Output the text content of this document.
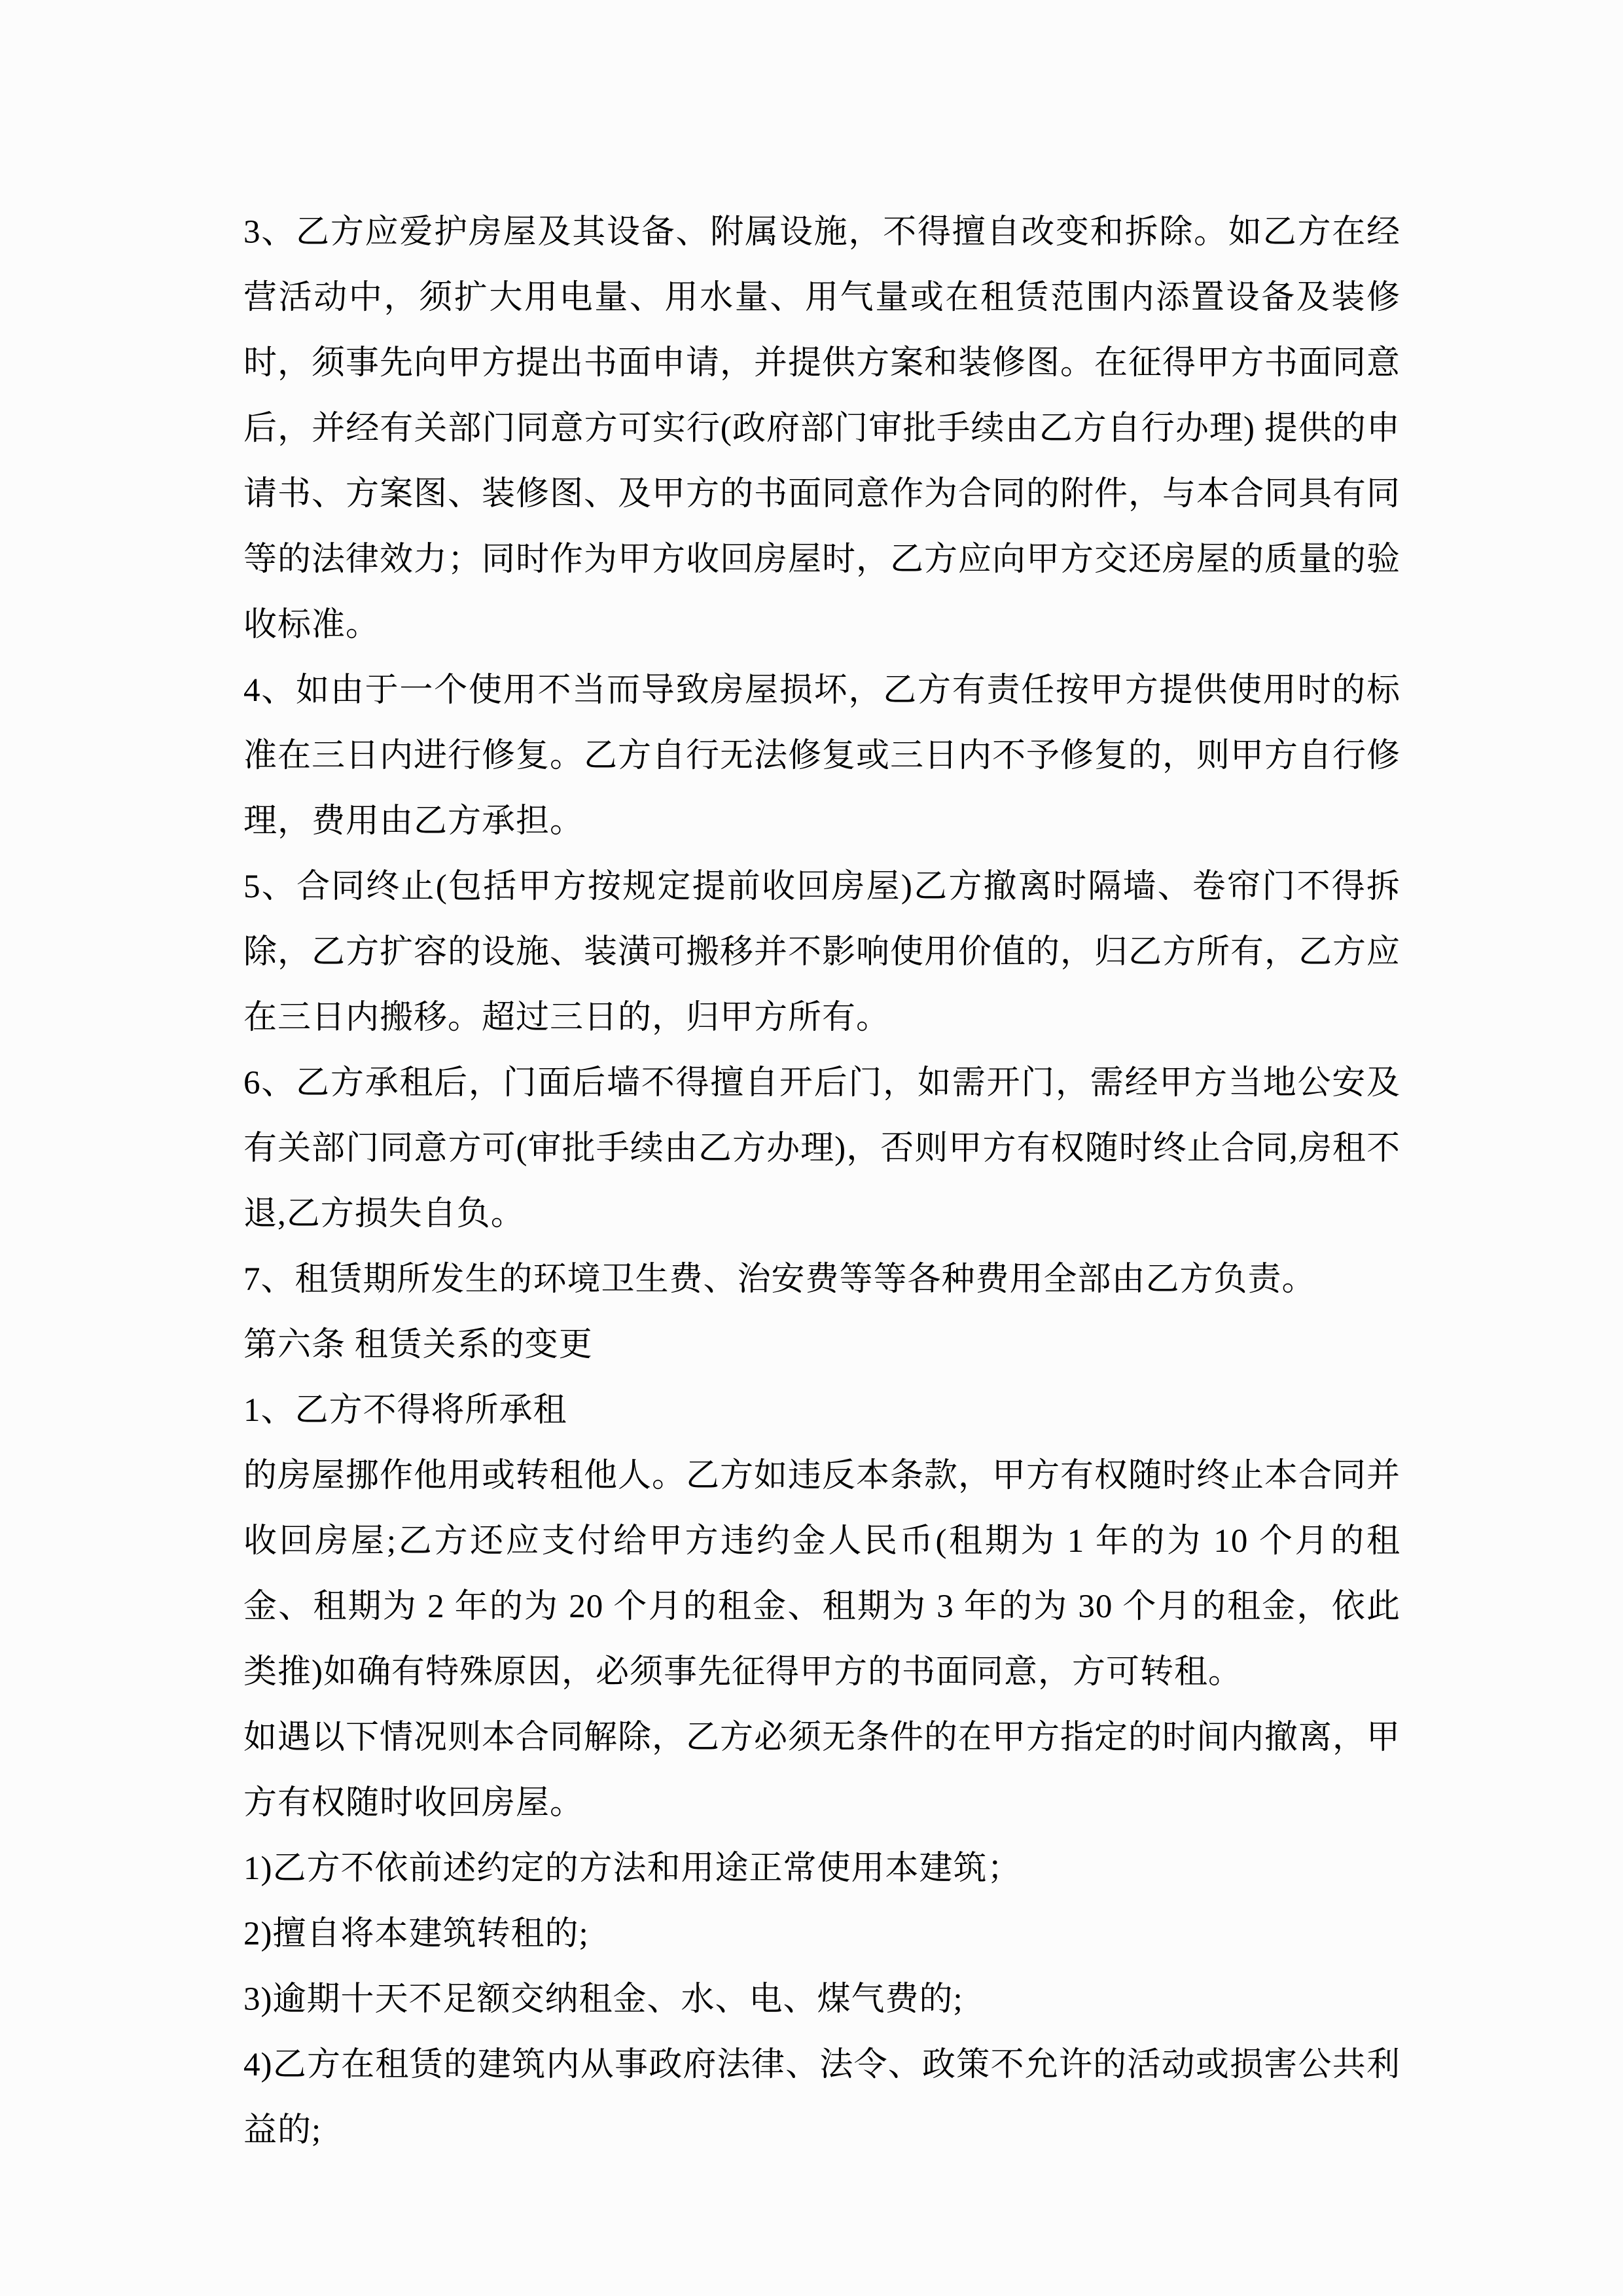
3、乙方应爱护房屋及其设备、附属设施，不得擅自改变和拆除。如乙方在经营活动中，须扩大用电量、用水量、用气量或在租赁范围内添置设备及装修时，须事先向甲方提出书面申请，并提供方案和装修图。在征得甲方书面同意后，并经有关部门同意方可实行(政府部门审批手续由乙方自行办理) 提供的申请书、方案图、装修图、及甲方的书面同意作为合同的附件，与本合同具有同等的法律效力；同时作为甲方收回房屋时，乙方应向甲方交还房屋的质量的验收标准。

4、如由于一个使用不当而导致房屋损坏，乙方有责任按甲方提供使用时的标准在三日内进行修复。乙方自行无法修复或三日内不予修复的，则甲方自行修理，费用由乙方承担。

5、合同终止(包括甲方按规定提前收回房屋)乙方撤离时隔墙、卷帘门不得拆除，乙方扩容的设施、装潢可搬移并不影响使用价值的，归乙方所有，乙方应在三日内搬移。超过三日的，归甲方所有。

6、乙方承租后，门面后墙不得擅自开后门，如需开门，需经甲方当地公安及有关部门同意方可(审批手续由乙方办理)，否则甲方有权随时终止合同,房租不退,乙方损失自负。

7、租赁期所发生的环境卫生费、治安费等等各种费用全部由乙方负责。

第六条 租赁关系的变更

1、乙方不得将所承租

的房屋挪作他用或转租他人。乙方如违反本条款，甲方有权随时终止本合同并收回房屋;乙方还应支付给甲方违约金人民币(租期为 1 年的为 10 个月的租金、租期为 2 年的为 20 个月的租金、租期为 3 年的为 30 个月的租金，依此类推)如确有特殊原因，必须事先征得甲方的书面同意，方可转租。

如遇以下情况则本合同解除，乙方必须无条件的在甲方指定的时间内撤离，甲方有权随时收回房屋。

1)乙方不依前述约定的方法和用途正常使用本建筑；

2)擅自将本建筑转租的;

3)逾期十天不足额交纳租金、水、电、煤气费的;

4)乙方在租赁的建筑内从事政府法律、法令、政策不允许的活动或损害公共利益的;
